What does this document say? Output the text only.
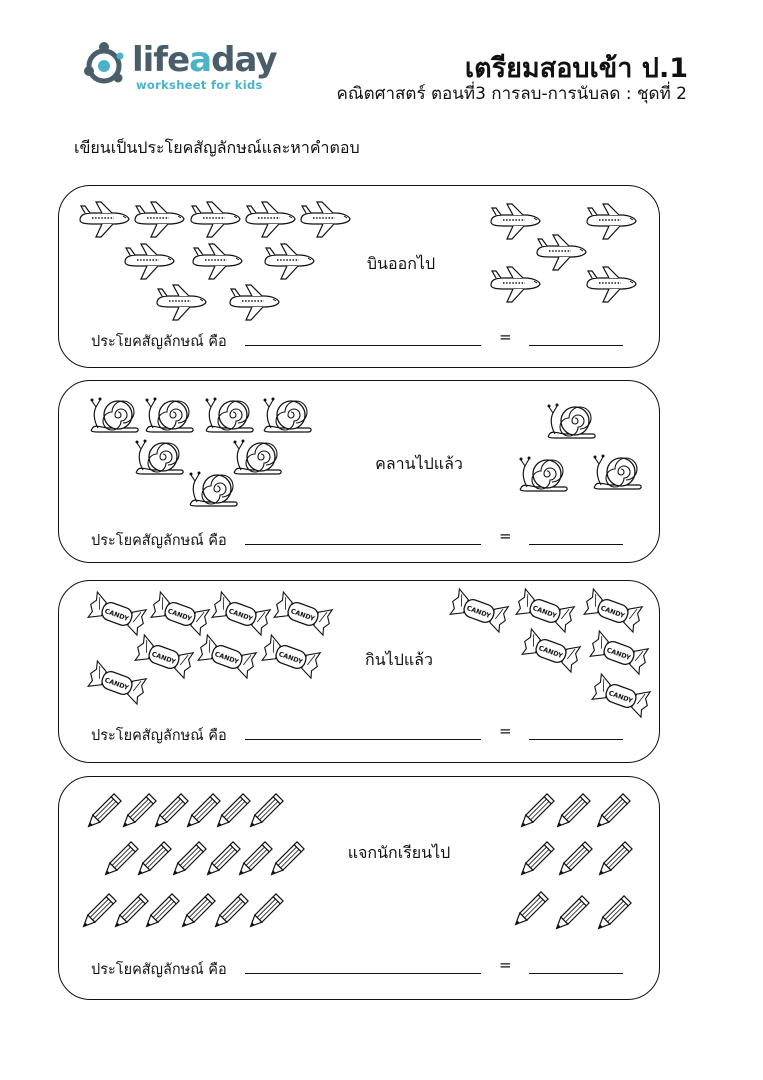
lifeaday
worksheet for kids
เตรียมสอบเข้า ป.1
คณิตศาสตร์ ตอนที่3 การลบ-การนับลด : ชุดที่ 2
เขียนเป็นประโยคสัญลักษณ์และหาคำตอบ
บินออกไป
ประโยคสัญลักษณ์ คือ	=
คลานไปแล้ว
ประโยคสัญลักษณ์ คือ	=
กินไปแล้ว
ประโยคสัญลักษณ์ คือ	=
แจกนักเรียนไป
ประโยคสัญลักษณ์ คือ	=
